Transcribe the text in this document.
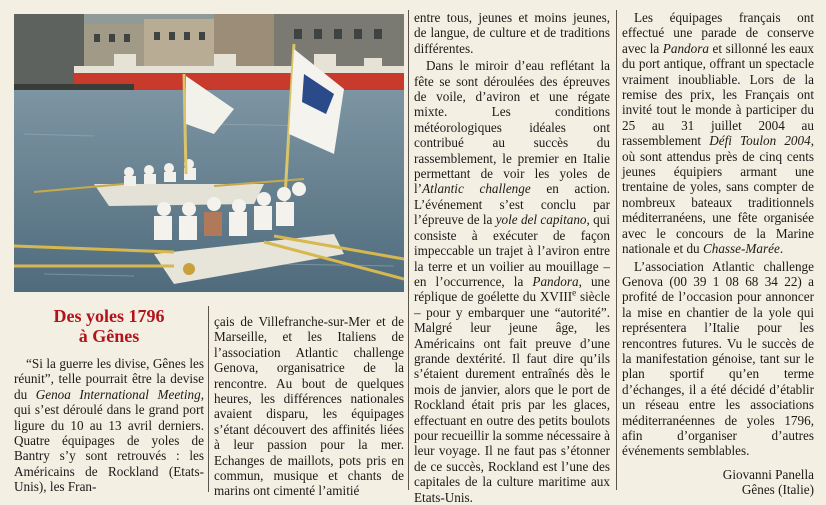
Des yoles 1796
à Gênes

“Si la guerre les divise, Gênes les réunit”, telle pourrait être la devise du Genoa International Meeting, qui s’est déroulé dans le grand port ligure du 10 au 13 avril derniers. Quatre équipages de yoles de Bantry s’y sont retrouvés : les Américains de Rockland (Etats-Unis), les Fran-

çais de Villefranche-sur-Mer et de Marseille, et les Italiens de l’association Atlantic challenge Genova, organisatrice de la rencontre. Au bout de quelques heures, les différences nationales avaient disparu, les équipages s’étant découvert des affinités liées à leur passion pour la mer. Echanges de maillots, pots pris en commun, musique et chants de marins ont cimenté l’amitié

entre tous, jeunes et moins jeunes, de langue, de culture et de traditions différentes.

Dans le miroir d’eau reflétant la fête se sont déroulées des épreuves de voile, d’aviron et une régate mixte. Les conditions météorologiques idéales ont contribué au succès du rassemblement, le premier en Italie permettant de voir les yoles de l’Atlantic challenge en action. L’événement s’est conclu par l’épreuve de la yole del capitano, qui consiste à exécuter de façon impeccable un trajet à l’aviron entre la terre et un voilier au mouillage – en l’occurrence, la Pandora, une réplique de goélette du XVIIIe siècle – pour y embarquer une “autorité”. Malgré leur jeune âge, les Américains ont fait preuve d’une grande dextérité. Il faut dire qu’ils s’étaient durement entraînés dès le mois de janvier, alors que le port de Rockland était pris par les glaces, effectuant en outre des petits boulots pour recueillir la somme nécessaire à leur voyage. Il ne faut pas s’étonner de ce succès, Rockland est l’une des capitales de la culture maritime aux Etats-Unis.

Les équipages français ont effectué une parade de conserve avec la Pandora et sillonné les eaux du port antique, offrant un spectacle vraiment inoubliable. Lors de la remise des prix, les Français ont invité tout le monde à participer du 25 au 31 juillet 2004 au rassemblement Défi Toulon 2004, où sont attendus près de cinq cents jeunes équipiers armant une trentaine de yoles, sans compter de nombreux bateaux traditionnels méditerranéens, une fête organisée avec le concours de la Marine nationale et du Chasse-Marée.

L’association Atlantic challenge Genova (00 39 1 08 68 34 22) a profité de l’occasion pour annoncer la mise en chantier de la yole qui représentera l’Italie pour les rencontres futures. Vu le succès de la manifestation génoise, tant sur le plan sportif qu’en terme d’échanges, il a été décidé d’établir un réseau entre les associations méditerranéennes de yoles 1796, afin d’organiser d’autres événements semblables.

Giovanni Panella
Gênes (Italie)
